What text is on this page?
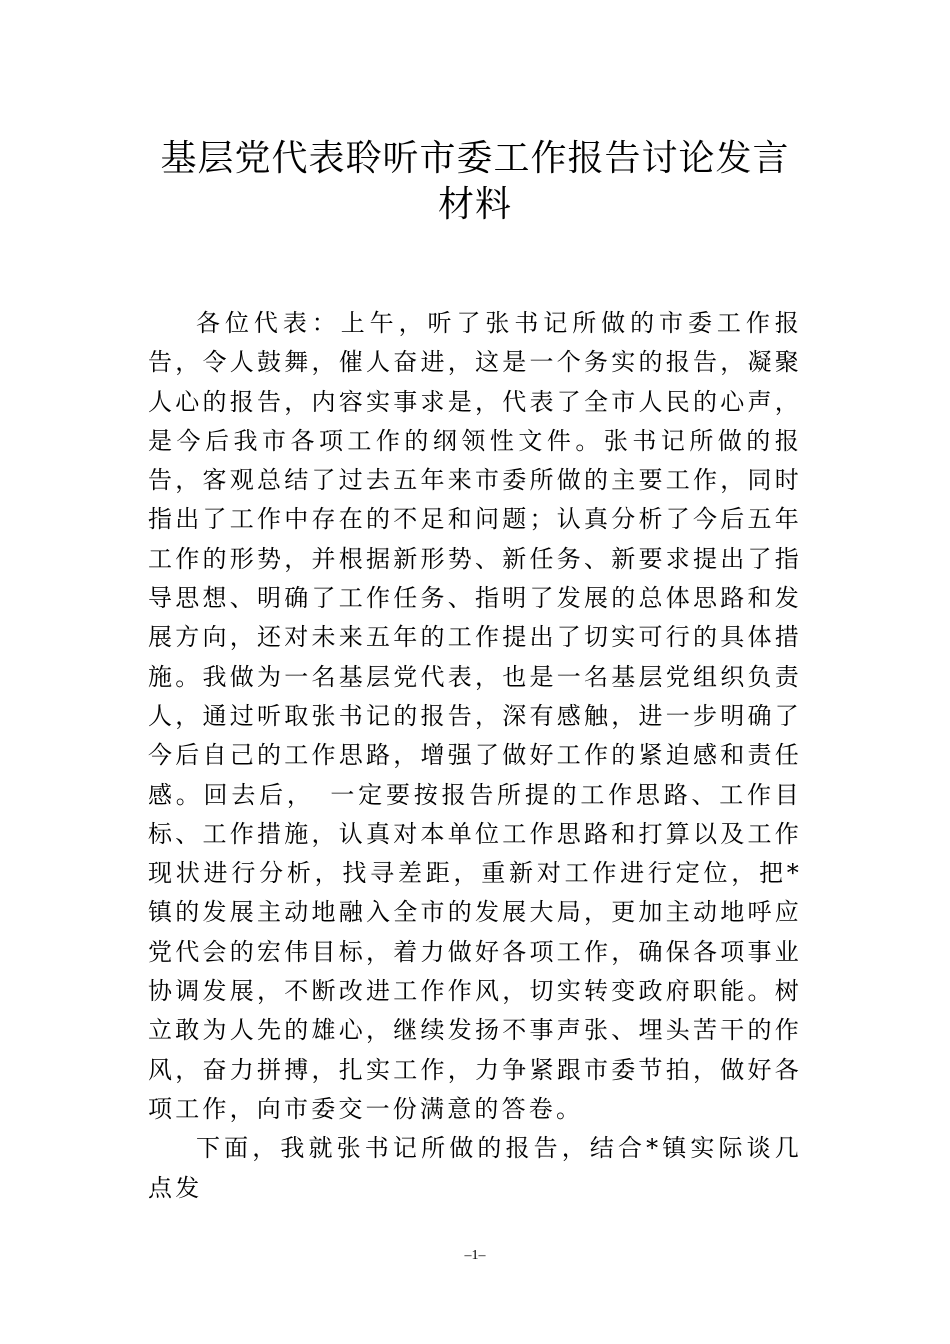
基层党代表聆听市委工作报告讨论发言材料

各位代表：上午，听了张书记所做的市委工作报告，令人鼓舞，催人奋进，这是一个务实的报告，凝聚人心的报告，内容实事求是，代表了全市人民的心声，是今后我市各项工作的纲领性文件。张书记所做的报告，客观总结了过去五年来市委所做的主要工作，同时指出了工作中存在的不足和问题；认真分析了今后五年工作的形势，并根据新形势、新任务、新要求提出了指导思想、明确了工作任务、指明了发展的总体思路和发展方向，还对未来五年的工作提出了切实可行的具体措施。我做为一名基层党代表，也是一名基层党组织负责人，通过听取张书记的报告，深有感触，进一步明确了今后自己的工作思路，增强了做好工作的紧迫感和责任感。回去后，　一定要按报告所提的工作思路、工作目标、工作措施，认真对本单位工作思路和打算以及工作现状进行分析，找寻差距，重新对工作进行定位，把*镇的发展主动地融入全市的发展大局，更加主动地呼应党代会的宏伟目标，着力做好各项工作，确保各项事业协调发展，不断改进工作作风，切实转变政府职能。树立敢为人先的雄心，继续发扬不事声张、埋头苦干的作风，奋力拼搏，扎实工作，力争紧跟市委节拍，做好各项工作，向市委交一份满意的答卷。

下面，我就张书记所做的报告，结合*镇实际谈几点发

–1–
